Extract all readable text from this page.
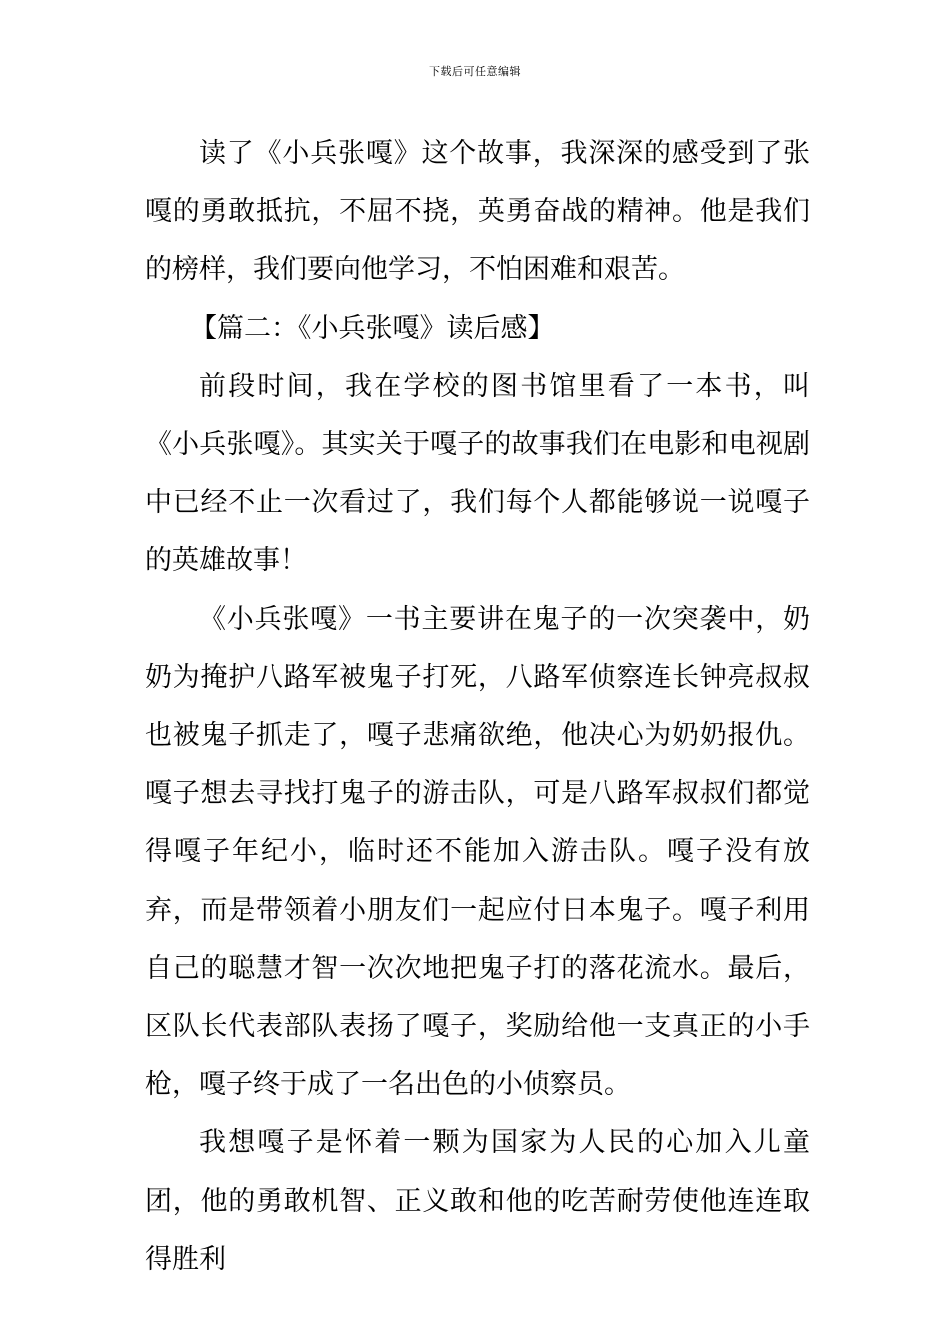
下载后可任意编辑

读了《小兵张嘎》这个故事，我深深的感受到了张嘎的勇敢抵抗，不屈不挠，英勇奋战的精神。他是我们的榜样，我们要向他学习，不怕困难和艰苦。

【篇二：《小兵张嘎》读后感】

前段时间，我在学校的图书馆里看了一本书，叫《小兵张嘎》。其实关于嘎子的故事我们在电影和电视剧中已经不止一次看过了，我们每个人都能够说一说嘎子的英雄故事！

《小兵张嘎》一书主要讲在鬼子的一次突袭中，奶奶为掩护八路军被鬼子打死，八路军侦察连长钟亮叔叔也被鬼子抓走了，嘎子悲痛欲绝，他决心为奶奶报仇。嘎子想去寻找打鬼子的游击队，可是八路军叔叔们都觉得嘎子年纪小，临时还不能加入游击队。嘎子没有放弃，而是带领着小朋友们一起应付日本鬼子。嘎子利用自己的聪慧才智一次次地把鬼子打的落花流水。最后，区队长代表部队表扬了嘎子，奖励给他一支真正的小手枪，嘎子终于成了一名出色的小侦察员。

我想嘎子是怀着一颗为国家为人民的心加入儿童团，他的勇敢机智、正义敢和他的吃苦耐劳使他连连取得胜利
